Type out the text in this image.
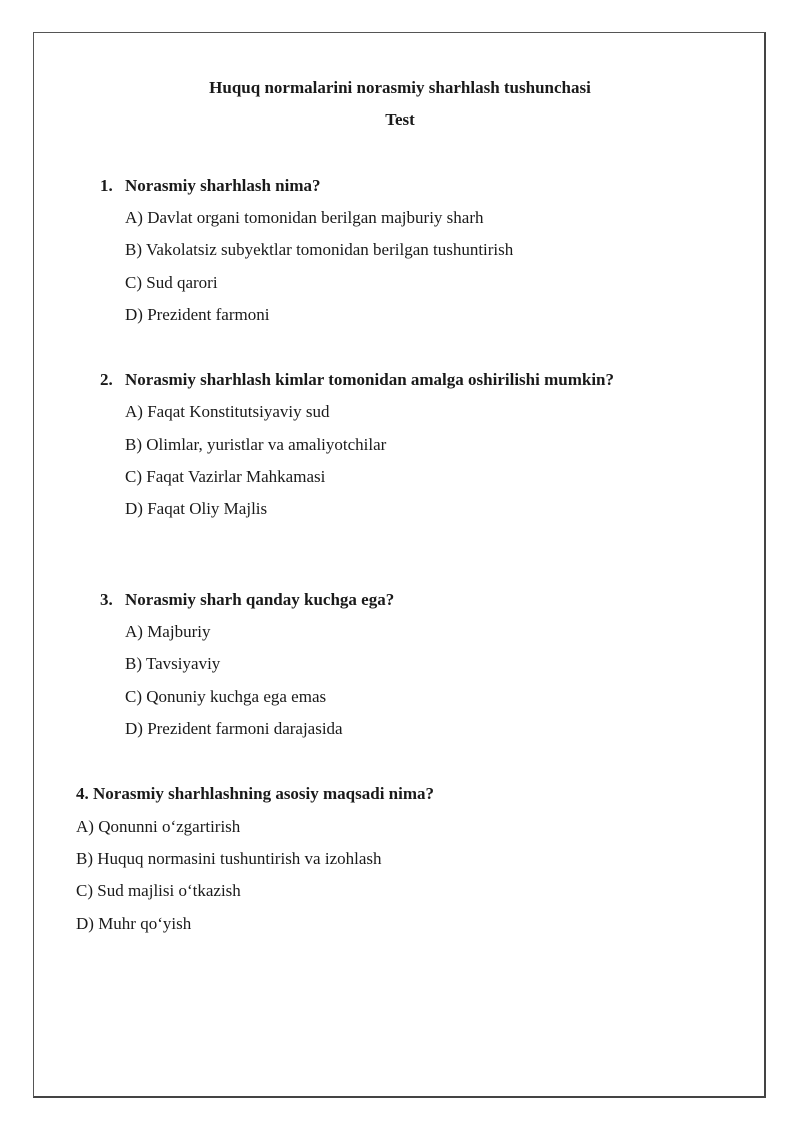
Huquq normalarini norasmiy sharhlash tushunchasi
Test
1. Norasmiy sharhlash nima?
A) Davlat organi tomonidan berilgan majburiy sharh
B) Vakolatsiz subyektlar tomonidan berilgan tushuntirish
C) Sud qarori
D) Prezident farmoni
2. Norasmiy sharhlash kimlar tomonidan amalga oshirilishi mumkin?
A) Faqat Konstitutsiyaviy sud
B) Olimlar, yuristlar va amaliyotchilar
C) Faqat Vazirlar Mahkamasi
D) Faqat Oliy Majlis
3. Norasmiy sharh qanday kuchga ega?
A) Majburiy
B) Tavsiyaviy
C) Qonuniy kuchga ega emas
D) Prezident farmoni darajasida
4. Norasmiy sharhlashning asosiy maqsadi nima?
A) Qonunni o‘zgartirish
B) Huquq normasini tushuntirish va izohlash
C) Sud majlisi o‘tkazish
D) Muhr qo‘yish
